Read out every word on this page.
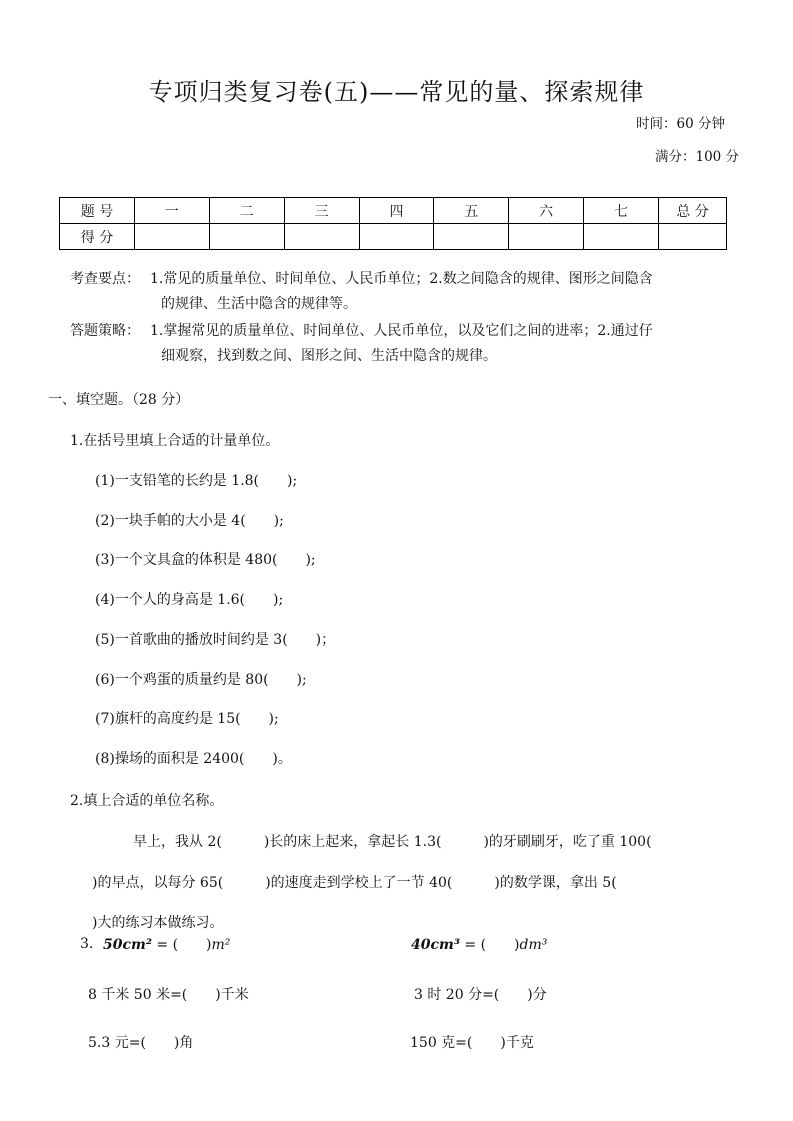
专项归类复习卷(五)——常见的量、探索规律
时间：60 分钟
满分：100 分
题 号	一	二	三	四	五	六	七	总 分
得 分								
考查要点： 1.常见的质量单位、时间单位、人民币单位；2.数之间隐含的规律、图形之间隐含
的规律、生活中隐含的规律等。
答题策略： 1.掌握常见的质量单位、时间单位、人民币单位，以及它们之间的进率；2.通过仔
细观察，找到数之间、图形之间、生活中隐含的规律。
一、填空题。（28 分）
1.在括号里填上合适的计量单位。
(1)一支铅笔的长约是 1.8(　　);
(2)一块手帕的大小是 4(　　);
(3)一个文具盒的体积是 480(　　);
(4)一个人的身高是 1.6(　　);
(5)一首歌曲的播放时间约是 3(　　)；
(6)一个鸡蛋的质量约是 80(　　);
(7)旗杆的高度约是 15(　　);
(8)操场的面积是 2400(　　)。
2.填上合适的单位名称。
早上，我从 2(　　　)长的床上起来，拿起长 1.3(　　　)的牙刷刷牙，吃了重 100(
)的早点，以每分 65(　　　)的速度走到学校上了一节 40(　　　)的数学课，拿出 5(
)大的练习本做练习。
3. 50cm² = (　　)m²	40cm³ = (　　)dm³
8 千米 50 米=(　　)千米	3 时 20 分=(　　)分
5.3 元=(　　)角	150 克=(　　)千克
